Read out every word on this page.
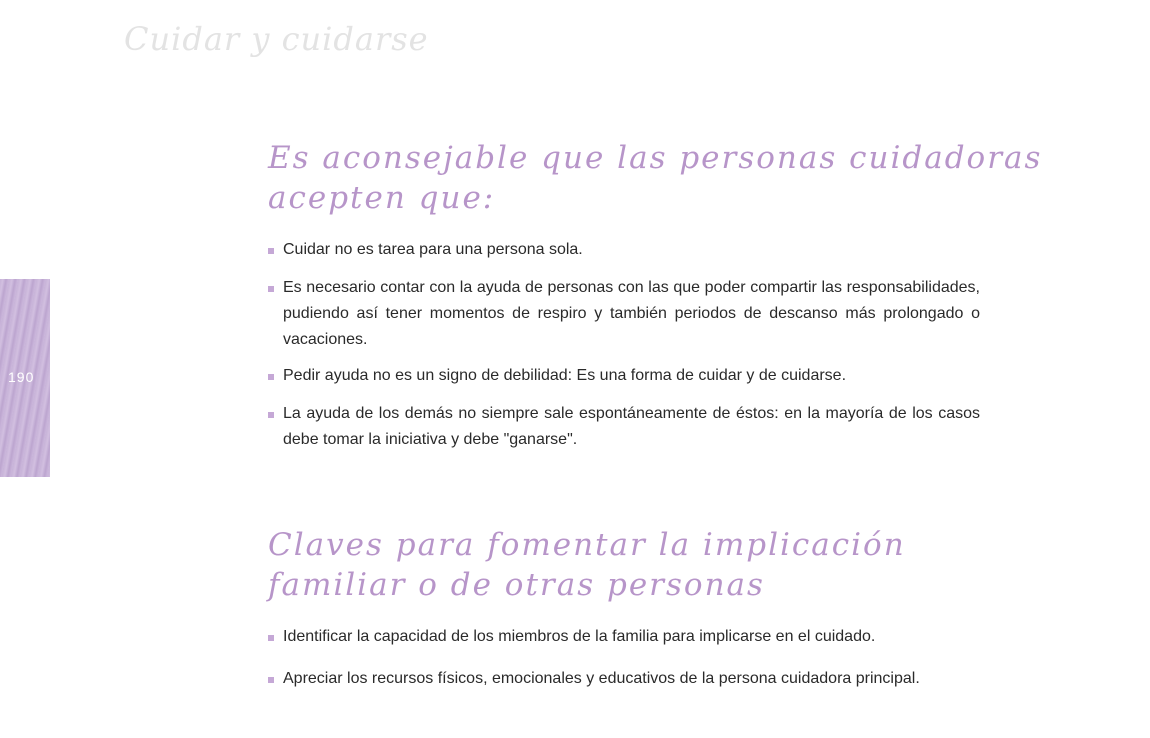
Cuidar y cuidarse
190
Es aconsejable que las personas cuidadoras
acepten que:
Cuidar no es tarea para una persona sola.
Es necesario contar con la ayuda de personas con las que poder compartir las responsabilidades, pudiendo así tener momentos de respiro y también periodos de descanso más prolongado o vacaciones.
Pedir ayuda no es un signo de debilidad: Es una forma de cuidar y de cuidarse.
La ayuda de los demás no siempre sale espontáneamente de éstos: en la mayoría de los casos debe tomar la iniciativa y debe "ganarse".
Claves para fomentar la implicación
familiar o de otras personas
Identificar la capacidad de los miembros de la familia para implicarse en el cuidado.
Apreciar los recursos físicos, emocionales y educativos de la persona cuidadora principal.
